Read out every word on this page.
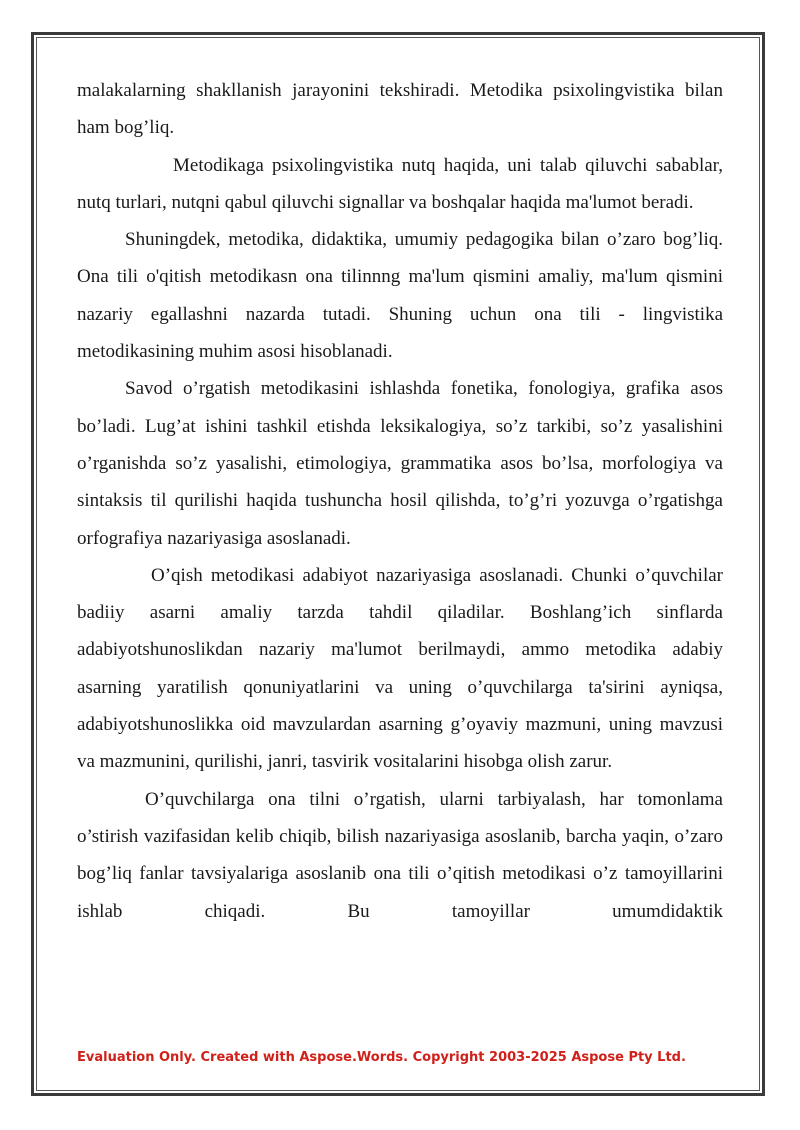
malakalarning shakllanish jarayonini tekshiradi. Metodika psixolingvistika bilan ham bog’liq.

Metodikaga psixolingvistika nutq haqida, uni talab qiluvchi sabablar, nutq turlari, nutqni qabul qiluvchi signallar va boshqalar haqida ma'lumot beradi.

Shuningdek, metodika, didaktika, umumiy pedagogika bilan o’zaro bog’liq. Ona tili o'qitish metodikasn ona tilinnng ma'lum qismini amaliy, ma'lum qismini nazariy egallashni nazarda tutadi. Shuning uchun ona tili - lingvistika metodikasining muhim asosi hisoblanadi.

Savod o’rgatish metodikasini ishlashda fonetika, fonologiya, grafika asos bo’ladi. Lug’at ishini tashkil etishda leksikalogiya, so’z tarkibi, so’z yasalishini o’rganishda so’z yasalishi, etimologiya, grammatika asos bo’lsa, morfologiya va sintaksis til qurilishi haqida tushuncha hosil qilishda, to’g’ri yozuvga o’rgatishga orfografiya nazariyasiga asoslanadi.

O’qish metodikasi adabiyot nazariyasiga asoslanadi. Chunki o’quvchilar badiiy asarni amaliy tarzda tahdil qiladilar. Boshlang’ich sinflarda adabiyotshunoslikdan nazariy ma'lumot berilmaydi, ammo metodika adabiy asarning yaratilish qonuniyatlarini va uning o’quvchilarga ta'sirini ayniqsa, adabiyotshunoslikka oid mavzulardan asarning g’oyaviy mazmuni, uning mavzusi va mazmunini, qurilishi, janri, tasvirik vositalarini hisobga olish zarur.

O’quvchilarga ona tilni o’rgatish, ularni tarbiyalash, har tomonlama o’stirish vazifasidan kelib chiqib, bilish nazariyasiga asoslanib, barcha yaqin, o’zaro bog’liq fanlar tavsiyalariga asoslanib ona tili o’qitish metodikasi o’z tamoyillarini ishlab chiqadi. Bu tamoyillar umumdidaktik

Evaluation Only. Created with Aspose.Words. Copyright 2003-2025 Aspose Pty Ltd.
